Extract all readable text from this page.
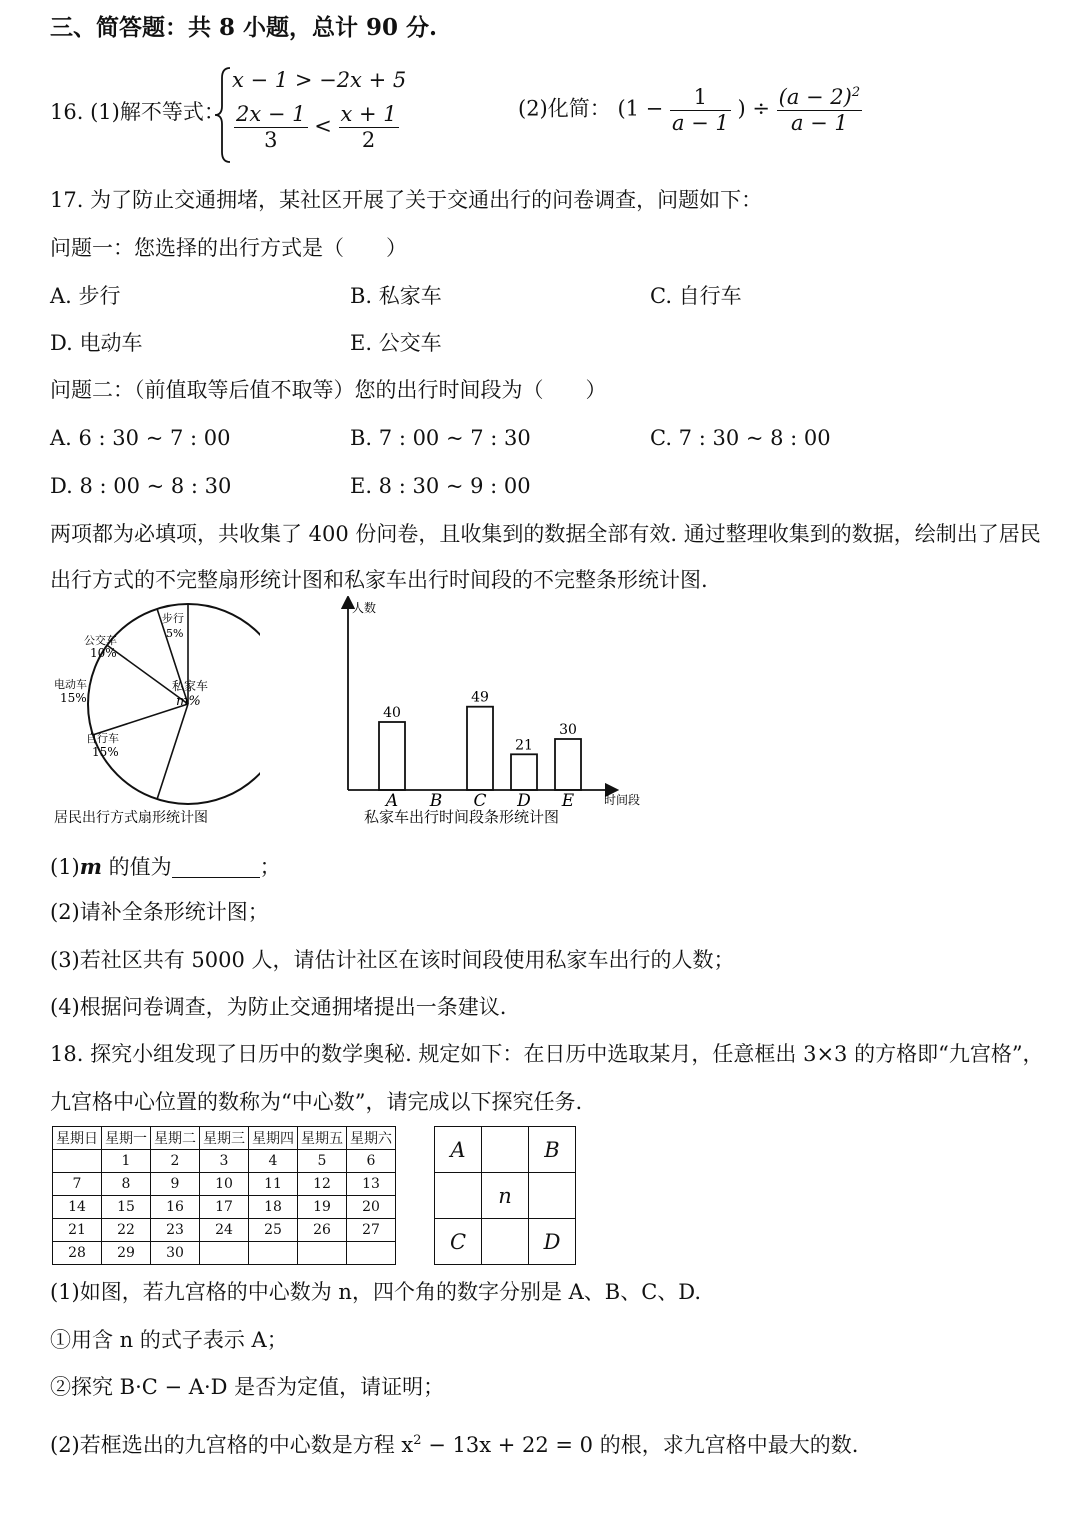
三、简答题：共 8 小题，总计 90 分.
16. (1)解不等式：
x − 1 > −2x + 5
$\frac{2x - 1}{3} < \frac{x + 1}{2}$	(2)化简： ($1 - \frac{1}{a - 1}$ ) ÷ $\frac{(a - 2)^2}{a - 1}$
17. 为了防止交通拥堵，某社区开展了关于交通出行的问卷调查，问题如下：
问题一：您选择的出行方式是（　　）
A. 步行	B. 私家车	C. 自行车
D. 电动车	E. 公交车
问题二：（前值取等后值不取等）您的出行时间段为（　　）
A. 6 : 30 ~ 7 : 00	B. 7 : 00 ~ 7 : 30	C. 7 : 30 ~ 8 : 00
D. 8 : 00 ~ 8 : 30	E. 8 : 30 ~ 9 : 00
两项都为必填项，共收集了 400 份问卷，且收集到的数据全部有效. 通过整理收集到的数据，绘制出了居民
出行方式的不完整扇形统计图和私家车出行时间段的不完整条形统计图.
步行
5%
公交车
10%
电动车
15%
自行车
15%
私家车
m%
居民出行方式扇形统计图
人数
时间段
40
A B
49
C
21
D
30
E
私家车出行时间段条形统计图
(1)m 的值为	；
(2)请补全条形统计图；
(3)若社区共有 5000 人，请估计社区在该时间段使用私家车出行的人数；
(4)根据问卷调查，为防止交通拥堵提出一条建议.
18. 探究小组发现了日历中的数学奥秘. 规定如下：在日历中选取某月，任意框出 3×3 的方格即“九宫格”，
九宫格中心位置的数称为“中心数”，请完成以下探究任务.
星期日	星期一	星期二	星期三	星期四	星期五	星期六
	1	2	3	4	5	6
7	8	9	10	11	12	13
14	15	16	17	18	19	20
21	22	23	24	25	26	27
28	29	30				
A		B
	n	
C		D
(1)如图，若九宫格的中心数为 n，四个角的数字分别是 A、B、C、D.
①用含 n 的式子表示 A；
②探究 B·C − A·D 是否为定值，请证明；
(2)若框选出的九宫格的中心数是方程 $x^2 - 13x + 22 = 0$ 的根，求九宫格中最大的数.
